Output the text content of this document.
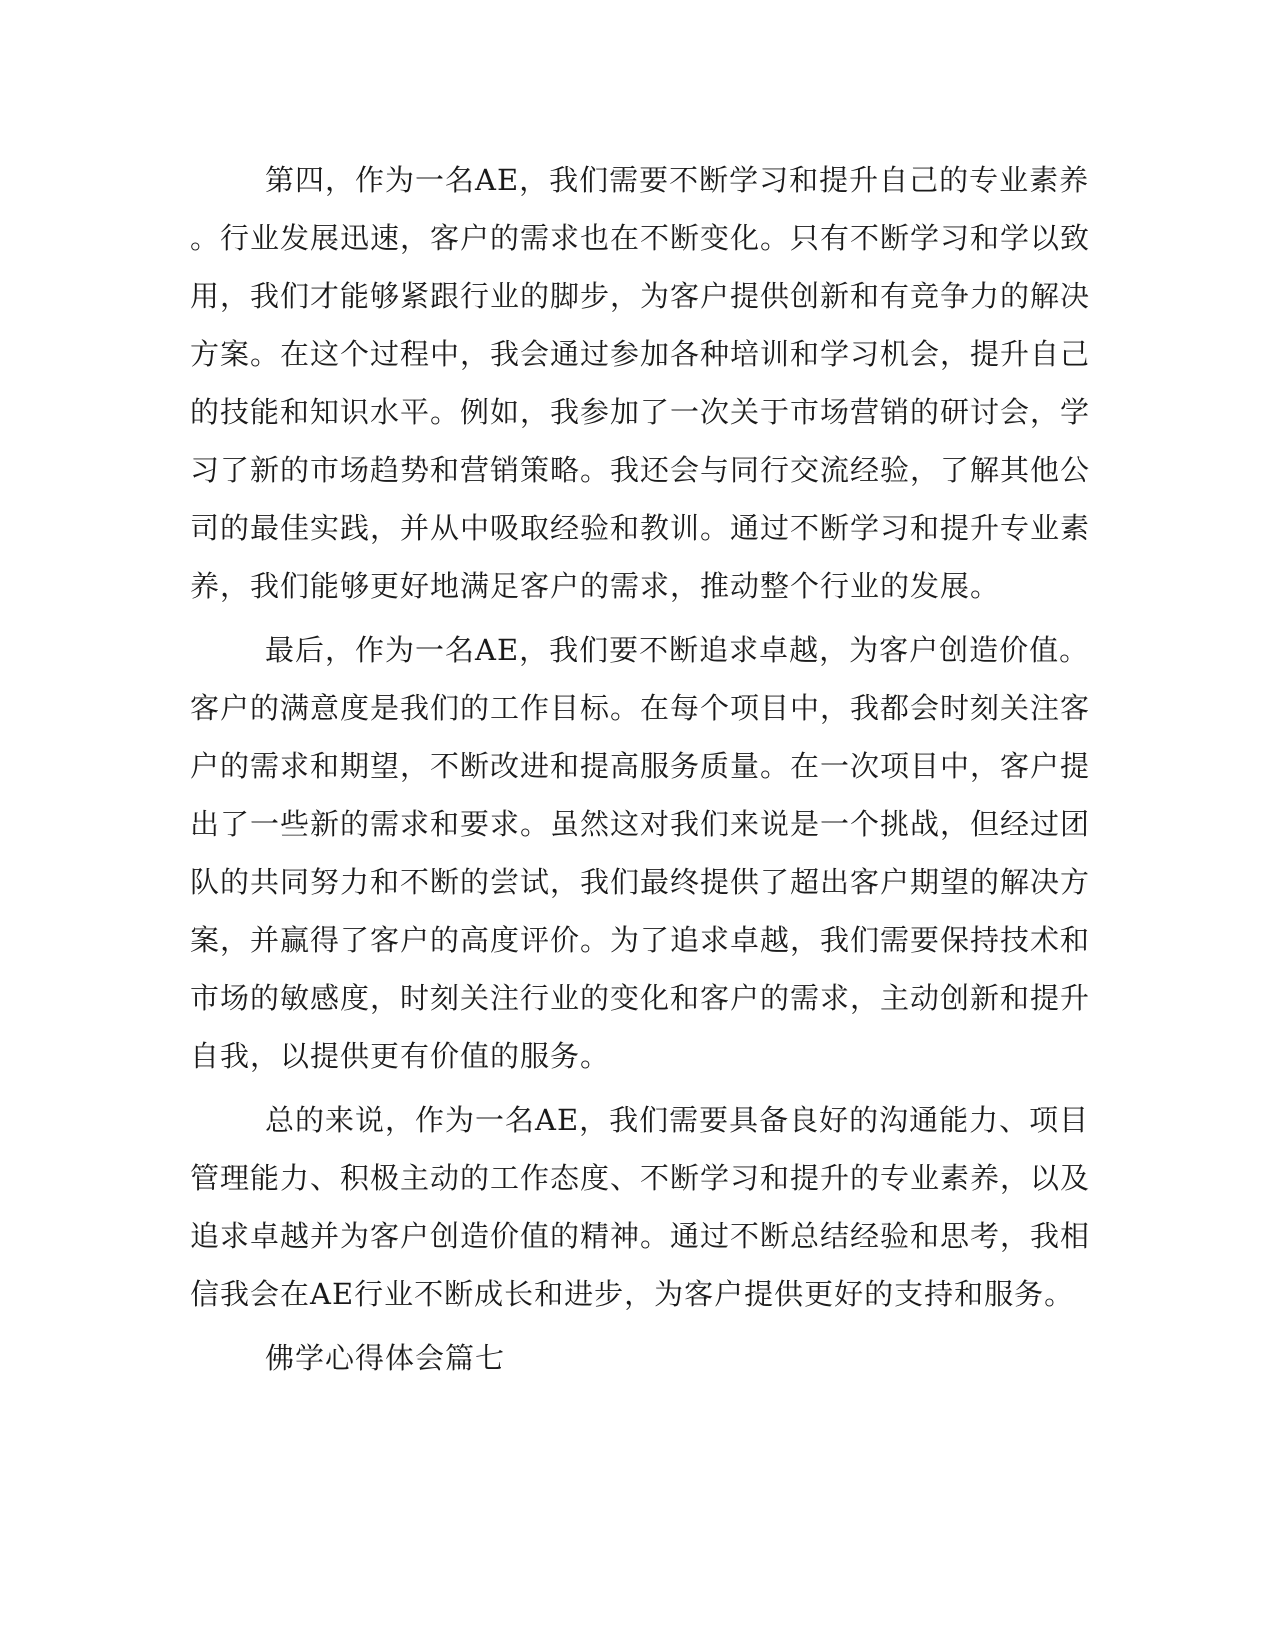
第四，作为一名AE，我们需要不断学习和提升自己的专业素养
。行业发展迅速，客户的需求也在不断变化。只有不断学习和学以致
用，我们才能够紧跟行业的脚步，为客户提供创新和有竞争力的解决
方案。在这个过程中，我会通过参加各种培训和学习机会，提升自己
的技能和知识水平。例如，我参加了一次关于市场营销的研讨会，学
习了新的市场趋势和营销策略。我还会与同行交流经验，了解其他公
司的最佳实践，并从中吸取经验和教训。通过不断学习和提升专业素
养，我们能够更好地满足客户的需求，推动整个行业的发展。
最后，作为一名AE，我们要不断追求卓越，为客户创造价值。
客户的满意度是我们的工作目标。在每个项目中，我都会时刻关注客
户的需求和期望，不断改进和提高服务质量。在一次项目中，客户提
出了一些新的需求和要求。虽然这对我们来说是一个挑战，但经过团
队的共同努力和不断的尝试，我们最终提供了超出客户期望的解决方
案，并赢得了客户的高度评价。为了追求卓越，我们需要保持技术和
市场的敏感度，时刻关注行业的变化和客户的需求，主动创新和提升
自我，以提供更有价值的服务。
总的来说，作为一名AE，我们需要具备良好的沟通能力、项目
管理能力、积极主动的工作态度、不断学习和提升的专业素养，以及
追求卓越并为客户创造价值的精神。通过不断总结经验和思考，我相
信我会在AE行业不断成长和进步，为客户提供更好的支持和服务。
佛学心得体会篇七
